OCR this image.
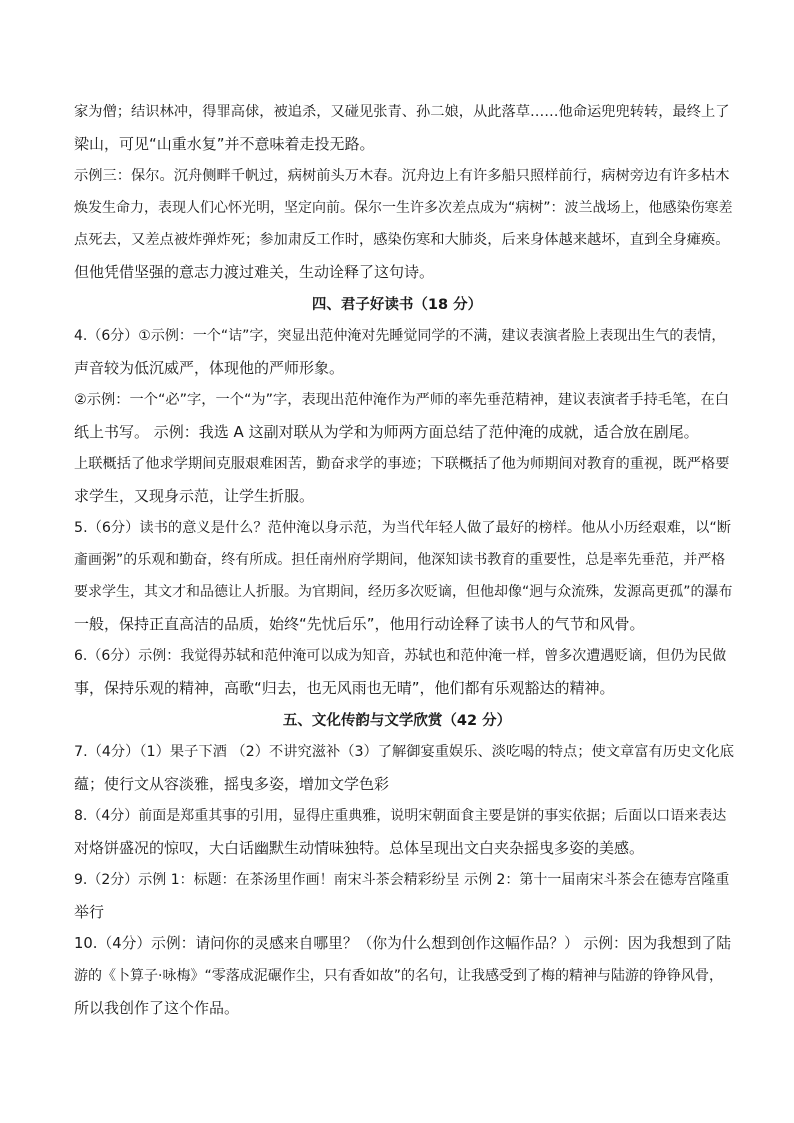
家为僧；结识林冲，得罪高俅，被追杀，又碰见张青、孙二娘，从此落草……他命运兜兜转转，最终上了
梁山，可见“山重水复”并不意味着走投无路。
示例三：保尔。沉舟侧畔千帆过，病树前头万木春。沉舟边上有许多船只照样前行，病树旁边有许多枯木
焕发生命力，表现人们心怀光明，坚定向前。保尔一生许多次差点成为“病树”：波兰战场上，他感染伤寒差
点死去，又差点被炸弹炸死；参加肃反工作时，感染伤寒和大肺炎，后来身体越来越坏，直到全身瘫痪。
但他凭借坚强的意志力渡过难关，生动诠释了这句诗。
四、君子好读书（18 分）
4.（6分）①示例：一个“诘”字，突显出范仲淹对先睡觉同学的不满，建议表演者脸上表现出生气的表情，
声音较为低沉威严，体现他的严师形象。
②示例：一个“必”字，一个“为”字，表现出范仲淹作为严师的率先垂范精神，建议表演者手持毛笔，在白
纸上书写。 示例：我选 A 这副对联从为学和为师两方面总结了范仲淹的成就，适合放在剧尾。
上联概括了他求学期间克服艰难困苦，勤奋求学的事迹；下联概括了他为师期间对教育的重视，既严格要
求学生，又现身示范，让学生折服。
5.（6分）读书的意义是什么？范仲淹以身示范，为当代年轻人做了最好的榜样。他从小历经艰难，以“断
齑画粥”的乐观和勤奋，终有所成。担任南州府学期间，他深知读书教育的重要性，总是率先垂范，并严格
要求学生，其文才和品德让人折服。为官期间，经历多次贬谪，但他却像“迥与众流殊，发源高更孤”的瀑布
一般，保持正直高洁的品质，始终“先忧后乐”，他用行动诠释了读书人的气节和风骨。
6.（6分）示例：我觉得苏轼和范仲淹可以成为知音，苏轼也和范仲淹一样，曾多次遭遇贬谪，但仍为民做
事，保持乐观的精神，高歌“归去，也无风雨也无晴”，他们都有乐观豁达的精神。
五、文化传韵与文学欣赏（42 分）
7.（4分）（1）果子下酒 （2）不讲究滋补（3）了解御宴重娱乐、淡吃喝的特点；使文章富有历史文化底
蕴；使行文从容淡雅，摇曳多姿，增加文学色彩
8.（4分）前面是郑重其事的引用，显得庄重典雅，说明宋朝面食主要是饼的事实依据；后面以口语来表达
对烙饼盛况的惊叹，大白话幽默生动情味独特。总体呈现出文白夹杂摇曳多姿的美感。
9.（2分）示例 1：标题：在茶汤里作画！南宋斗茶会精彩纷呈 示例 2：第十一届南宋斗茶会在德寿宫隆重
举行
10.（4分）示例：请问你的灵感来自哪里？（你为什么想到创作这幅作品？） 示例：因为我想到了陆
游的《卜算子·咏梅》“零落成泥碾作尘，只有香如故”的名句，让我感受到了梅的精神与陆游的铮铮风骨，
所以我创作了这个作品。
